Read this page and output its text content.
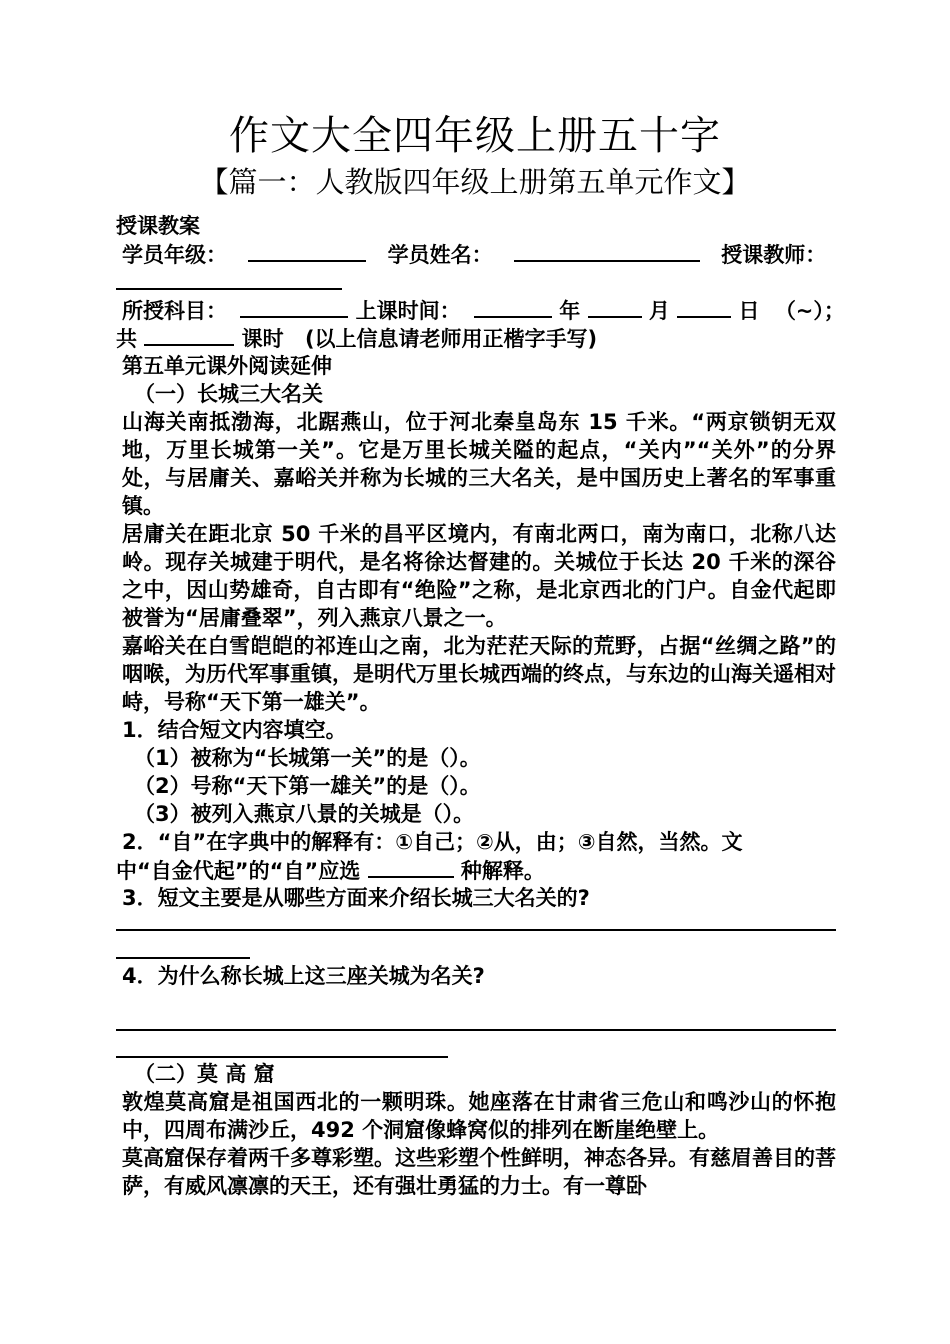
作文大全四年级上册五十字
【篇一：人教版四年级上册第五单元作文】
授课教案
学员年级：	学员姓名：	授课教师：
所授科目：	上课时间：	年	月	日 （~）；
共	课时 (以上信息请老师用正楷字手写)
第五单元课外阅读延伸
（一）长城三大名关
山海关南抵渤海，北踞燕山，位于河北秦皇岛东 15 千米。“两京锁钥无双地，万里长城第一关”。它是万里长城关隘的起点，“关内”“关外”的分界处，与居庸关、嘉峪关并称为长城的三大名关，是中国历史上著名的军事重镇。
居庸关在距北京 50 千米的昌平区境内，有南北两口，南为南口，北称八达岭。现存关城建于明代，是名将徐达督建的。关城位于长达 20 千米的深谷之中，因山势雄奇，自古即有“绝险”之称，是北京西北的门户。自金代起即被誉为“居庸叠翠”，列入燕京八景之一。
嘉峪关在白雪皑皑的祁连山之南，北为茫茫天际的荒野，占据“丝绸之路”的咽喉，为历代军事重镇，是明代万里长城西端的终点，与东边的山海关遥相对峙，号称“天下第一雄关”。
1．结合短文内容填空。
（1）被称为“长城第一关”的是（）。
（2）号称“天下第一雄关”的是（）。
（3）被列入燕京八景的关城是（）。
2．“自”在字典中的解释有：①自己；②从，由；③自然，当然。文
中“自金代起”的“自”应选	种解释。
3．短文主要是从哪些方面来介绍长城三大名关的?
4．为什么称长城上这三座关城为名关?
（二）莫 高 窟
敦煌莫高窟是祖国西北的一颗明珠。她座落在甘肃省三危山和鸣沙山的怀抱中，四周布满沙丘，492 个洞窟像蜂窝似的排列在断崖绝壁上。
莫高窟保存着两千多尊彩塑。这些彩塑个性鲜明，神态各异。有慈眉善目的菩萨，有威风凛凛的天王，还有强壮勇猛的力士。有一尊卧
